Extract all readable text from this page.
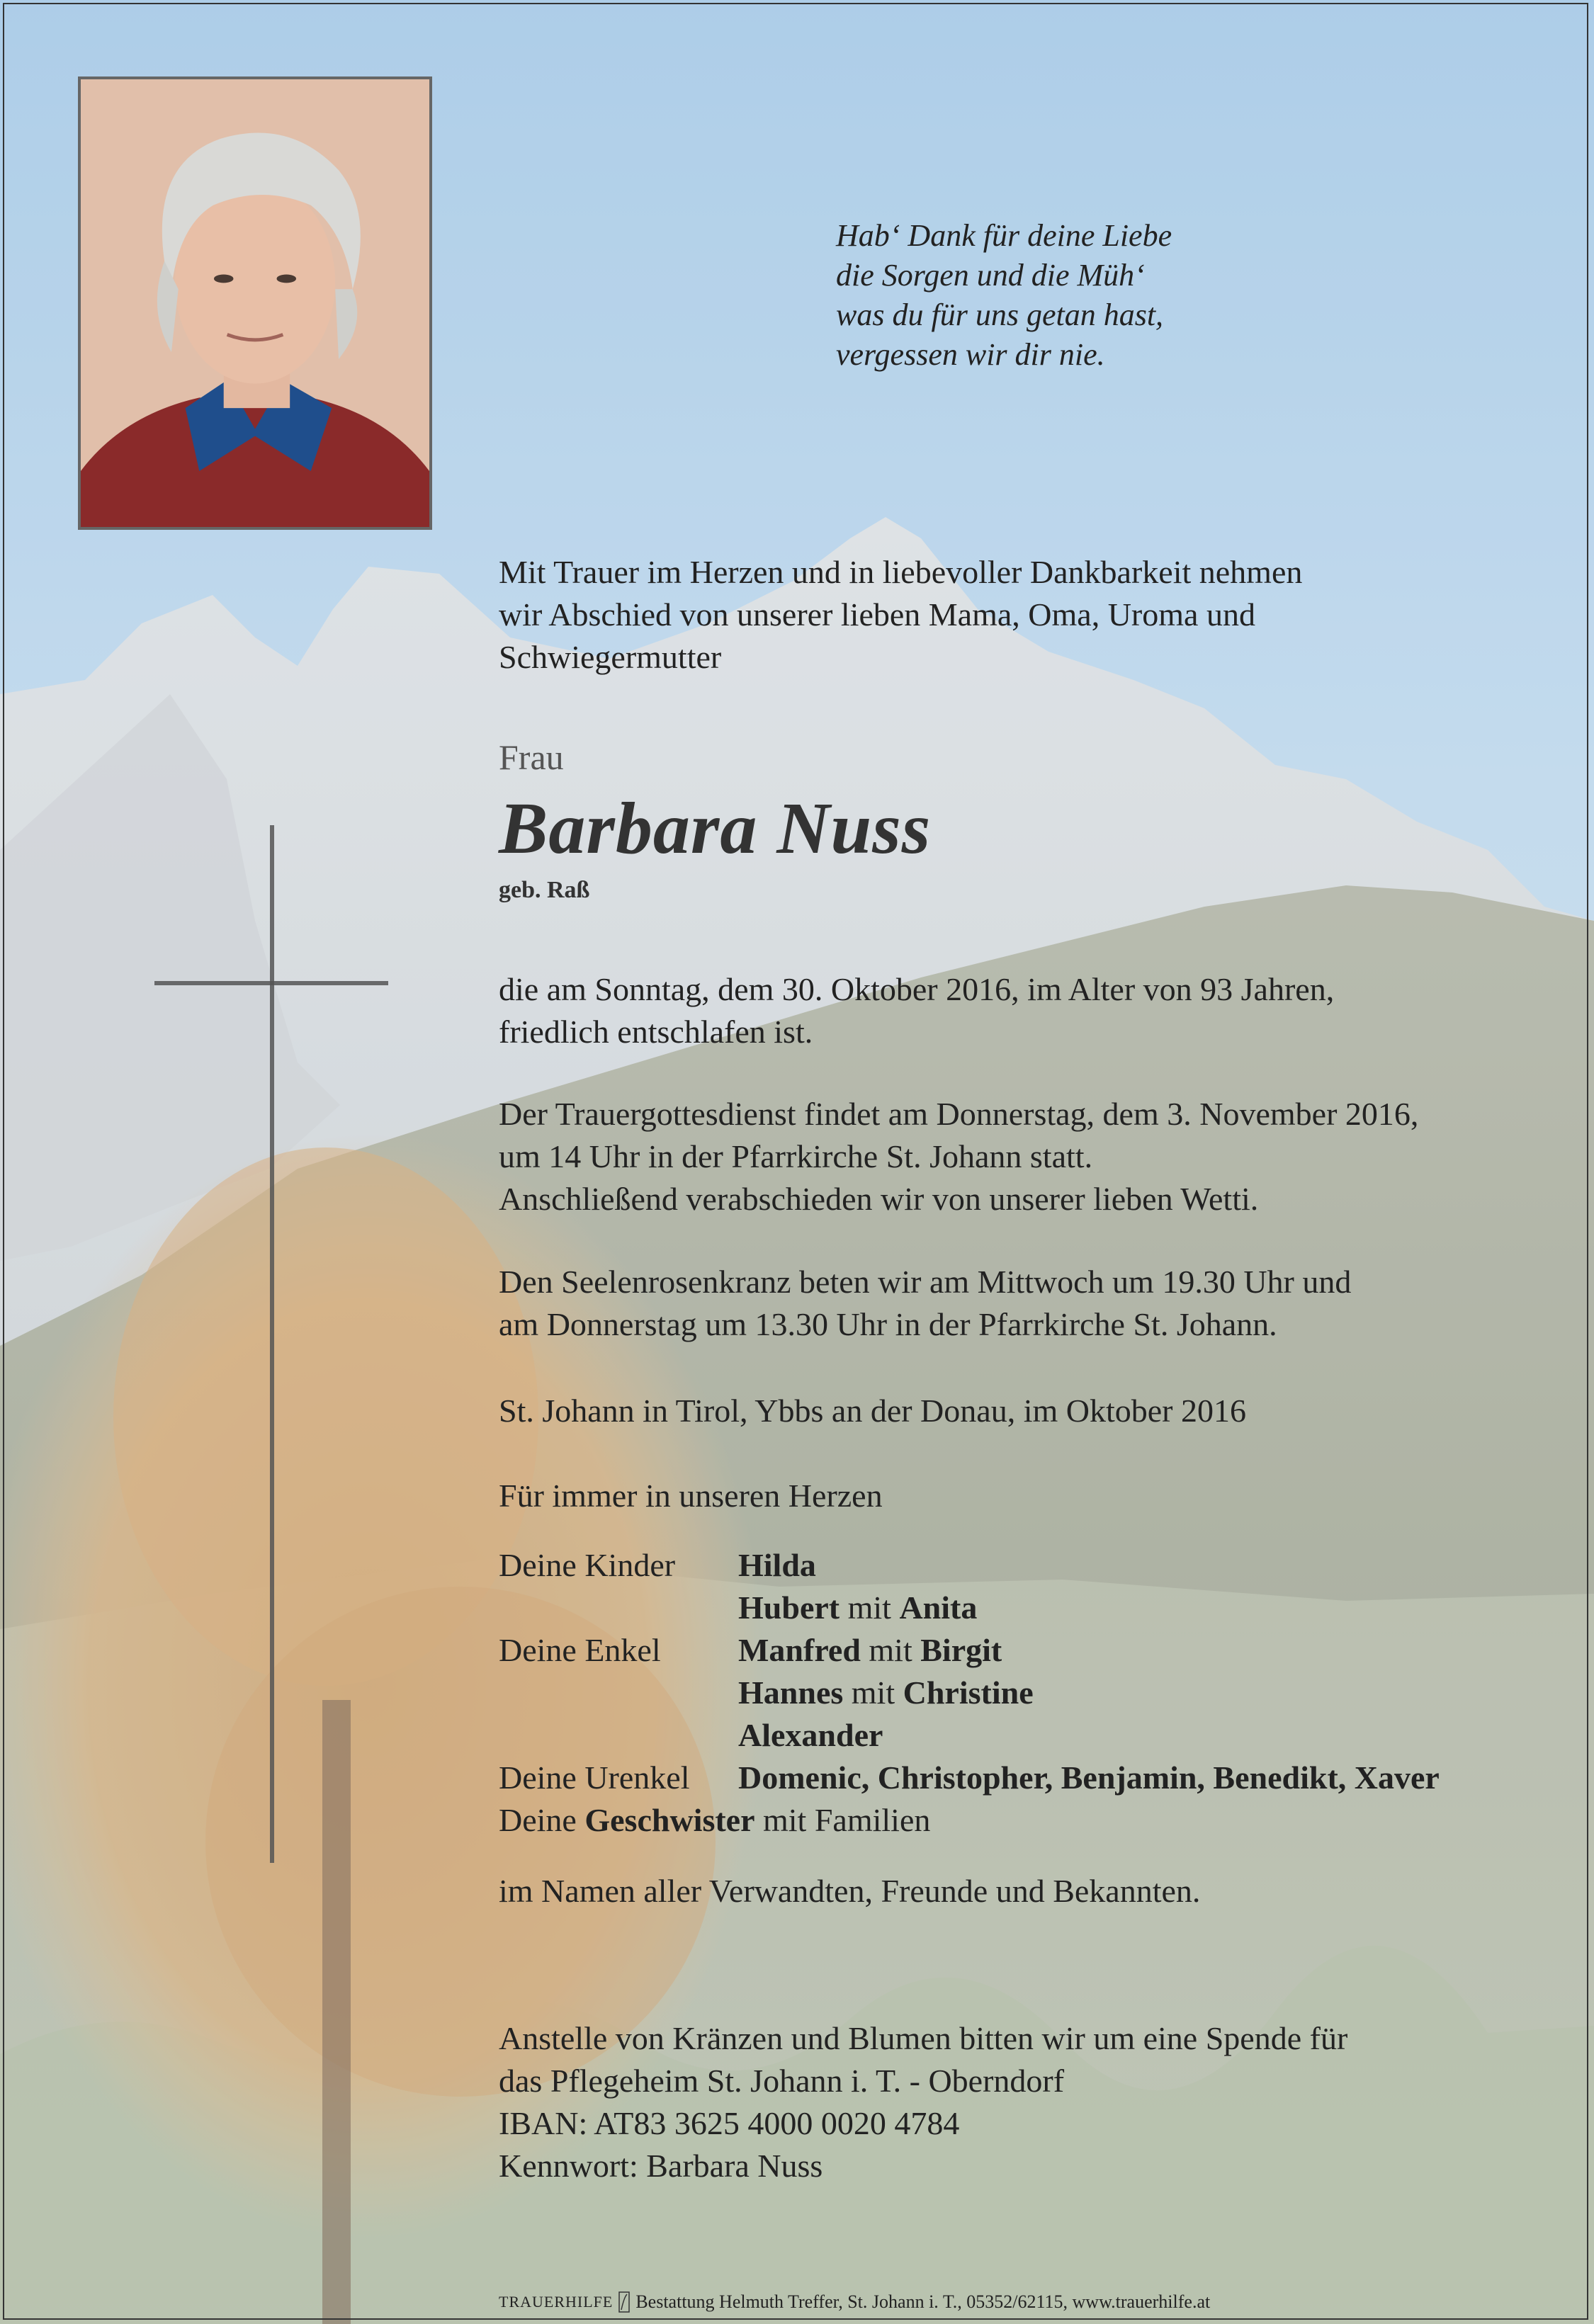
Hab‘ Dank für deine Liebe
die Sorgen und die Müh‘
was du für uns getan hast,
vergessen wir dir nie.
Mit Trauer im Herzen und in liebevoller Dankbarkeit nehmen
wir Abschied von unserer lieben Mama, Oma, Uroma und
Schwiegermutter
Frau
Barbara Nuss
geb. Raß
die am Sonntag, dem 30. Oktober 2016, im Alter von 93 Jahren,
friedlich entschlafen ist.
Der Trauergottesdienst findet am Donnerstag, dem 3. November 2016,
um 14 Uhr in der Pfarrkirche St. Johann statt.
Anschließend verabschieden wir von unserer lieben Wetti.
Den Seelenrosenkranz beten wir am Mittwoch um 19.30 Uhr und
am Donnerstag um 13.30 Uhr in der Pfarrkirche St. Johann.
St. Johann in Tirol, Ybbs an der Donau, im Oktober 2016
Für immer in unseren Herzen
Deine Kinder	Hilda
Hubert mit Anita
Deine Enkel	Manfred mit Birgit
Hannes mit Christine
Alexander
Deine Urenkel	Domenic, Christopher, Benjamin, Benedikt, Xaver
Deine Geschwister mit Familien
im Namen aller Verwandten, Freunde und Bekannten.
Anstelle von Kränzen und Blumen bitten wir um eine Spende für
das Pflegeheim St. Johann i. T. - Oberndorf
IBAN: AT83 3625 4000 0020 4784
Kennwort: Barbara Nuss
TRAUERHILFE Bestattung Helmuth Treffer, St. Johann i. T., 05352/62115, www.trauerhilfe.at
